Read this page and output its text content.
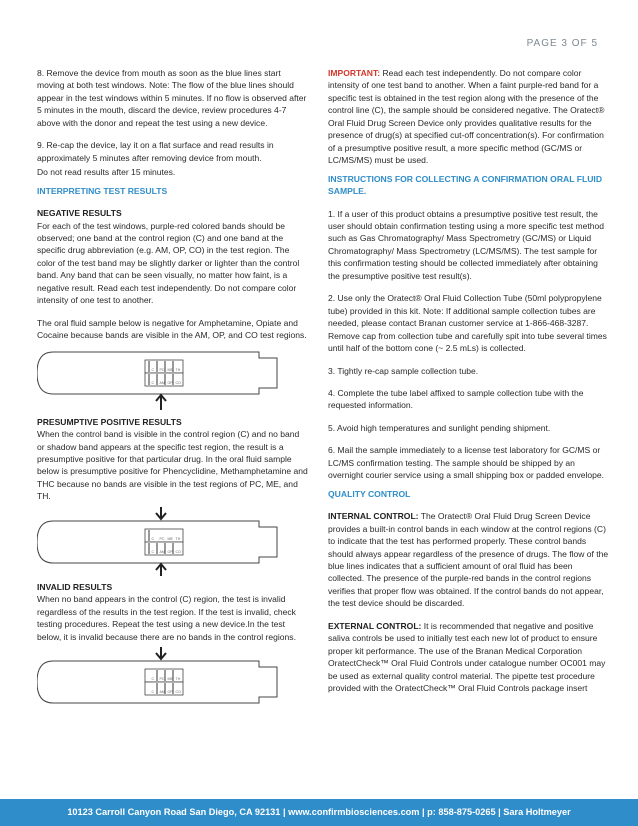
PAGE 3 OF 5

8. Remove the device from mouth as soon as the blue lines start moving at both test windows. Note: The flow of the blue lines should appear in the test windows within 5 minutes. If no flow is observed after 5 minutes in the mouth, discard the device, review procedures 4-7 above with the donor and repeat the test using a new device.

9. Re-cap the device, lay it on a flat surface and read results in approximately 5 minutes after removing device from mouth.

Do not read results after 15 minutes.

INTERPRETING TEST RESULTS

NEGATIVE RESULTS

For each of the test windows, purple-red colored bands should be observed; one band at the control region (C) and one band at the specific drug abbreviation (e.g. AM, OP, CO) in the test region. The color of the test band may be slightly darker or lighter than the control band. Any band that can be seen visually, no matter how faint, is a negative result. Read each test independently. Do not compare color intensity of one test to another.

The oral fluid sample below is negative for Amphetamine, Opiate and Cocaine because bands are visible in the AM, OP, and CO test regions.

C PC ME TH
C AM OP CO

PRESUMPTIVE POSITIVE RESULTS

When the control band is visible in the control region (C) and no band or shadow band appears at the specific test region, the result is a presumptive positive for that particular drug. In the oral fluid sample below is presumptive positive for Phencyclidine, Methamphetamine and THC because no bands are visible in the test regions of PC, ME, and TH.

C PC ME TH
C AM OP CO

INVALID RESULTS

When no band appears in the control (C) region, the test is invalid regardless of the results in the test region. If the test is invalid, check testing procedures. Repeat the test using a new device.In the test below, it is invalid because there are no bands in the control regions.

C PC ME TH
C AM OP CO

IMPORTANT: Read each test independently. Do not compare color intensity of one test band to another. When a faint purple-red band for a specific test is obtained in the test region along with the presence of the control line (C), the sample should be considered negative. The Oratect® Oral Fluid Drug Screen Device only provides qualitative results for the presence of drug(s) at specified cut-off concentration(s). For confirmation of a presumptive positive result, a more specific method (GC/MS or LC/MS/MS) must be used.

INSTRUCTIONS FOR COLLECTING A CONFIRMATION ORAL FLUID SAMPLE.

1. If a user of this product obtains a presumptive positive test result, the user should obtain confirmation testing using a more specific test method such as Gas Chromatography/ Mass Spectrometry (GC/MS) or Liquid Chromatography/ Mass Spectrometry (LC/MS/MS). The test sample for this confirmation testing should be collected immediately after obtaining the presumptive positive test result(s).

2. Use only the Oratect® Oral Fluid Collection Tube (50ml polypropylene tube) provided in this kit. Note: If additional sample collection tubes are needed, please contact Branan customer service at 1-866-468-3287. Remove cap from collection tube and carefully spit into tube several times until half of the bottom cone (~ 2.5 mLs) is collected.

3. Tightly re-cap sample collection tube.

4. Complete the tube label affixed to sample collection tube with the requested information.

5. Avoid high temperatures and sunlight pending shipment.

6. Mail the sample immediately to a license test laboratory for GC/MS or LC/MS confirmation testing. The sample should be shipped by an overnight courier service using a small shipping box or padded envelope.

QUALITY CONTROL

INTERNAL CONTROL: The Oratect® Oral Fluid Drug Screen Device provides a built-in control bands in each window at the control regions (C) to indicate that the test has performed properly. These control bands should always appear regardless of the presence of drugs. The flow of the blue lines indicates that a sufficient amount of oral fluid has been collected. The presence of the purple-red bands in the control regions verifies that proper flow was obtained. If the control bands do not appear, the test device should be discarded.

EXTERNAL CONTROL: It is recommended that negative and positive saliva controls be used to initially test each new lot of product to ensure proper kit performance. The use of the Branan Medical Corporation OratectCheck™ Oral Fluid Controls under catalogue number OC001 may be used as external quality control material. The pipette test procedure provided with the OratectCheck™ Oral Fluid Controls package insert

10123 Carroll Canyon Road San Diego, CA 92131 | www.confirmbiosciences.com | p: 858-875-0265 | Sara Holtmeyer
